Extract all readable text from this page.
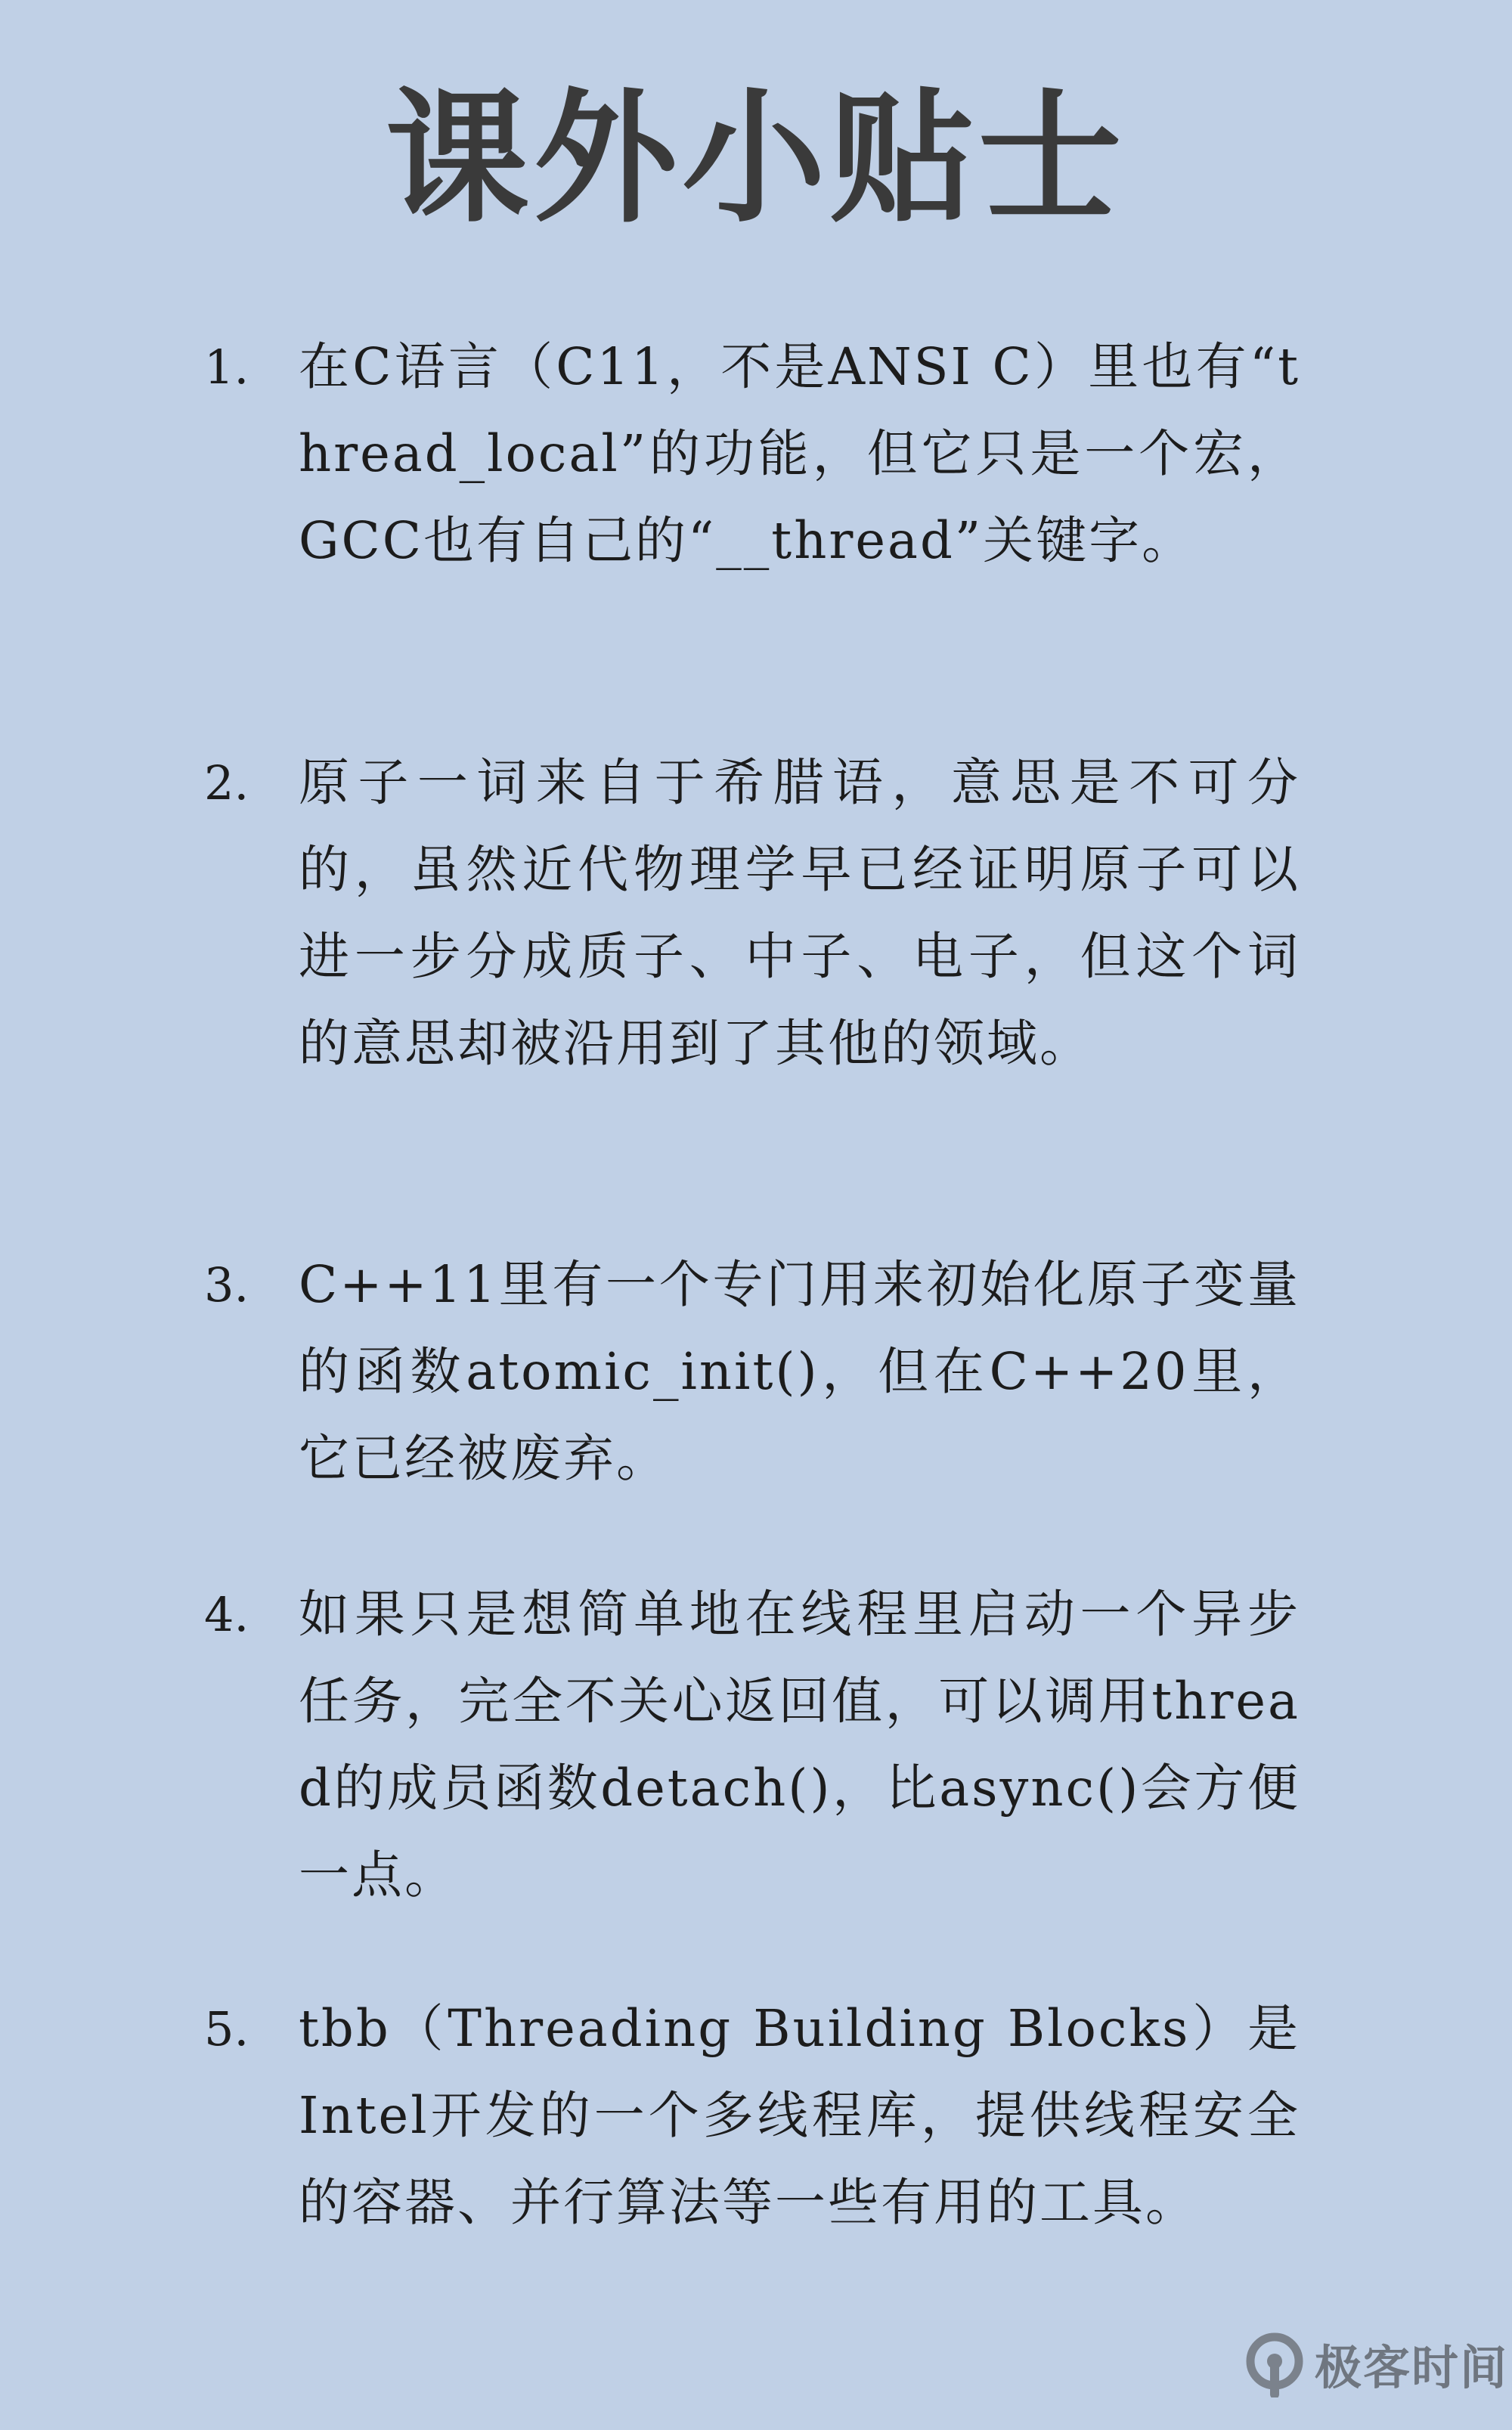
课外小贴士
1. 在C语言（C11，不是ANSI C）里也有“thread_local”的功能，但它只是一个宏，GCC也有自己的“__thread”关键字。
2. 原子一词来自于希腊语，意思是不可分的，虽然近代物理学早已经证明原子可以进一步分成质子、中子、电子，但这个词的意思却被沿用到了其他的领域。
3. C++11里有一个专门用来初始化原子变量的函数atomic_init()，但在C++20里，它已经被废弃。
4. 如果只是想简单地在线程里启动一个异步任务，完全不关心返回值，可以调用thread的成员函数detach()，比async()会方便一点。
5. tbb（Threading Building Blocks）是Intel开发的一个多线程库，提供线程安全的容器、并行算法等一些有用的工具。
极客时间
